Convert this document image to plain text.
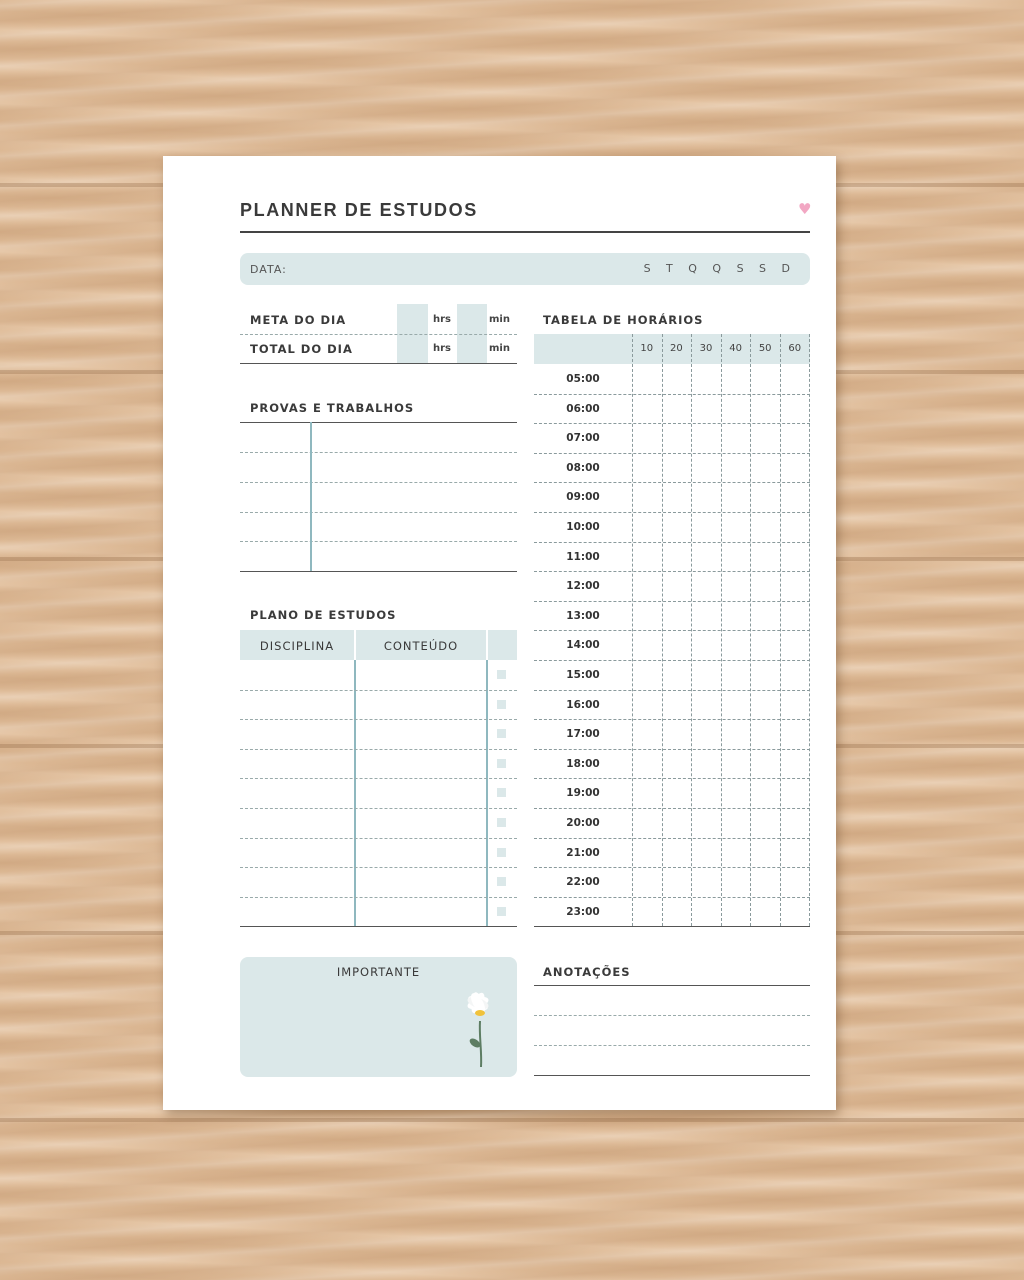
PLANNER DE ESTUDOS	♥
DATA:	S T Q Q S S D
META DO DIA	hrs	min
TOTAL DO DIA	hrs	min
PROVAS E TRABALHOS
PLANO DE ESTUDOS
DISCIPLINA	CONTEÚDO
TABELA DE HORÁRIOS
10	20	30	40	50	60
05:00
06:00
07:00
08:00
09:00
10:00
11:00
12:00
13:00
14:00
15:00
16:00
17:00
18:00
19:00
20:00
21:00
22:00
23:00
IMPORTANTE	ANOTAÇÕES
